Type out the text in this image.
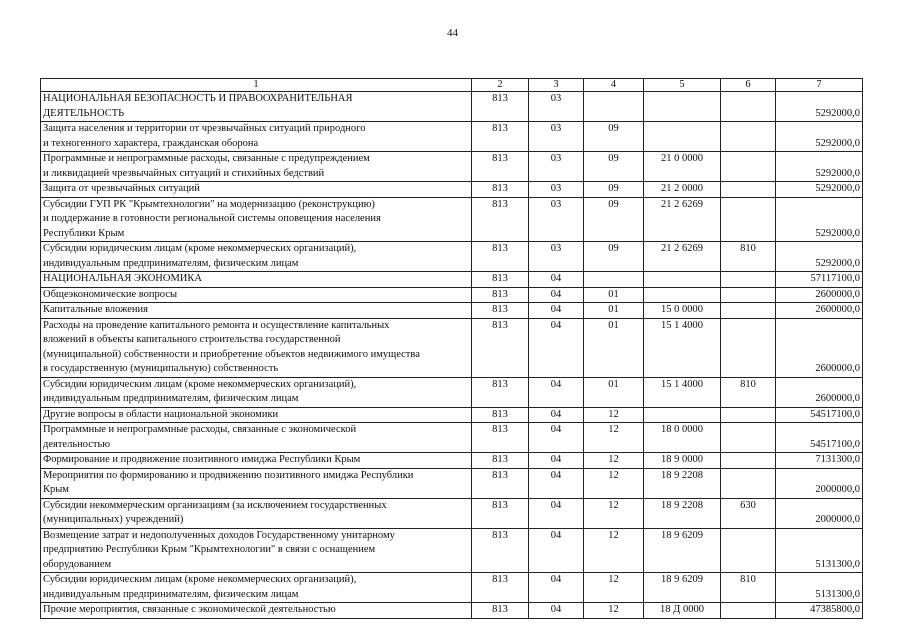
44
1	2	3	4	5	6	7
НАЦИОНАЛЬНАЯ БЕЗОПАСНОСТЬ И ПРАВООХРАНИТЕЛЬНАЯ
ДЕЯТЕЛЬНОСТЬ	813	03				5292000,0
Защита населения и территории от чрезвычайных ситуаций природного
и техногенного характера, гражданская оборона	813	03	09			5292000,0
Программные и непрограммные расходы, связанные с предупреждением
и ликвидацией чрезвычайных ситуаций и стихийных бедствий	813	03	09	21 0 0000		5292000,0
Защита от чрезвычайных ситуаций	813	03	09	21 2 0000		5292000,0
Субсидии ГУП РК "Крымтехнологии" на модернизацию (реконструкцию)
и поддержание в готовности региональной системы оповещения населения
Республики Крым	813	03	09	21 2 6269		5292000,0
Субсидии юридическим лицам (кроме некоммерческих организаций),
индивидуальным предпринимателям, физическим лицам	813	03	09	21 2 6269	810	5292000,0
НАЦИОНАЛЬНАЯ ЭКОНОМИКА	813	04				57117100,0
Общеэкономические вопросы	813	04	01			2600000,0
Капитальные вложения	813	04	01	15 0 0000		2600000,0
Расходы на проведение капитального ремонта и осуществление капитальных
вложений в объекты капитального строительства государственной
(муниципальной) собственности и приобретение объектов недвижимого имущества
в государственную (муниципальную) собственность	813	04	01	15 1 4000		2600000,0
Субсидии юридическим лицам (кроме некоммерческих организаций),
индивидуальным предпринимателям, физическим лицам	813	04	01	15 1 4000	810	2600000,0
Другие вопросы в области национальной экономики	813	04	12			54517100,0
Программные и непрограммные расходы, связанные с экономической
деятельностью	813	04	12	18 0 0000		54517100,0
Формирование и продвижение позитивного имиджа Республики Крым	813	04	12	18 9 0000		7131300,0
Мероприятия по формированию и продвижению позитивного имиджа Республики
Крым	813	04	12	18 9 2208		2000000,0
Субсидии некоммерческим организациям (за исключением государственных
(муниципальных) учреждений)	813	04	12	18 9 2208	630	2000000,0
Возмещение затрат и недополученных доходов Государственному унитарному
предприятию Республики Крым "Крымтехнологии" в связи с оснащением
оборудованием	813	04	12	18 9 6209		5131300,0
Субсидии юридическим лицам (кроме некоммерческих организаций),
индивидуальным предпринимателям, физическим лицам	813	04	12	18 9 6209	810	5131300,0
Прочие мероприятия, связанные с экономической деятельностью	813	04	12	18 Д 0000		47385800,0
